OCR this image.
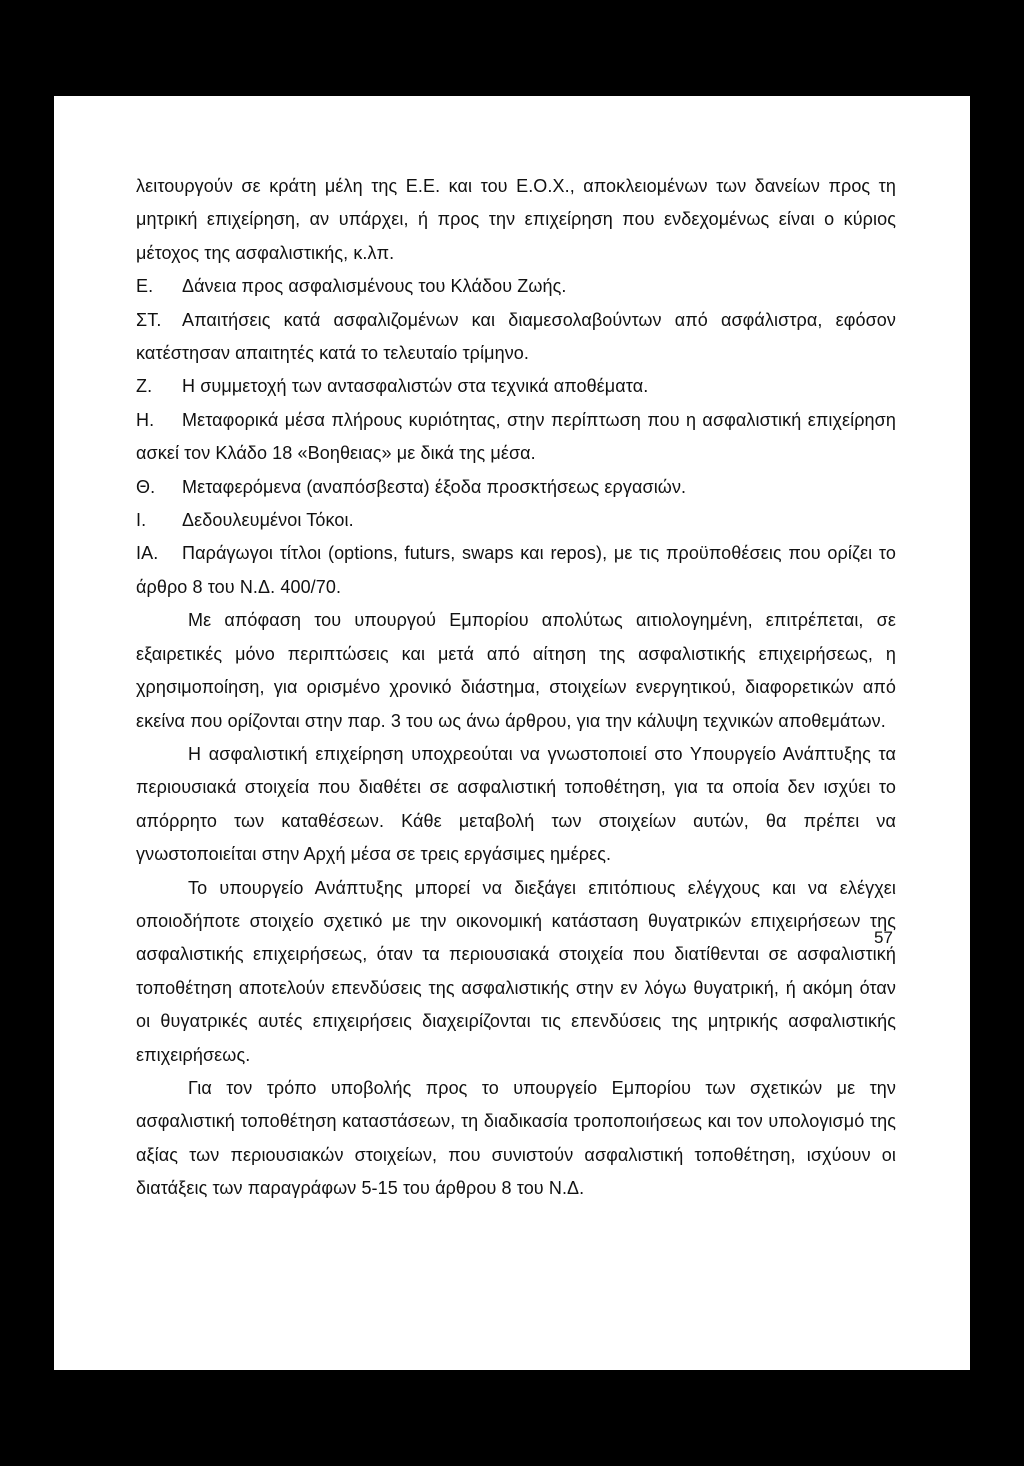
λειτουργούν σε κράτη μέλη της Ε.Ε. και του Ε.Ο.Χ., αποκλειομένων των δανείων προς τη μητρική επιχείρηση, αν υπάρχει, ή προς την επιχείρηση που ενδεχομένως είναι ο κύριος μέτοχος της ασφαλιστικής, κ.λπ.

Ε.	Δάνεια προς ασφαλισμένους του Κλάδου Ζωής.

ΣΤ. Απαιτήσεις κατά ασφαλιζομένων και διαμεσολαβούντων από ασφάλιστρα, εφόσον κατέστησαν απαιτητές κατά το τελευταίο τρίμηνο.

Ζ.	Η συμμετοχή των αντασφαλιστών στα τεχνικά αποθέματα.

Η. Μεταφορικά μέσα πλήρους κυριότητας, στην περίπτωση που η ασφαλιστική επιχείρηση ασκεί τον Κλάδο 18 «Βοηθειας» με δικά της μέσα.

Θ.	Μεταφερόμενα (αναπόσβεστα) έξοδα προσκτήσεως εργασιών.
Ι.	Δεδουλευμένοι Τόκοι.

ΙΑ. Παράγωγοι τίτλοι (options, futurs, swaps και repos), με τις προϋποθέσεις που ορίζει το άρθρο 8 του Ν.Δ. 400/70.

Με απόφαση του υπουργού Εμπορίου απολύτως αιτιολογημένη, επιτρέπεται, σε εξαιρετικές μόνο περιπτώσεις και μετά από αίτηση της ασφαλιστικής επιχειρήσεως, η χρησιμοποίηση, για ορισμένο χρονικό διάστημα, στοιχείων ενεργητικού, διαφορετικών από εκείνα που ορίζονται στην παρ. 3 του ως άνω άρθρου, για την κάλυψη τεχνικών αποθεμάτων.

Η ασφαλιστική επιχείρηση υποχρεούται να γνωστοποιεί στο Υπουργείο Ανάπτυξης τα περιουσιακά στοιχεία που διαθέτει σε ασφαλιστική τοποθέτηση, για τα οποία δεν ισχύει το απόρρητο των καταθέσεων. Κάθε μεταβολή των στοιχείων αυτών, θα πρέπει να γνωστοποιείται στην Αρχή μέσα σε τρεις εργάσιμες ημέρες.

Το υπουργείο Ανάπτυξης μπορεί να διεξάγει επιτόπιους ελέγχους και να ελέγχει οποιοδήποτε στοιχείο σχετικό με την οικονομική κατάσταση θυγατρικών επιχειρήσεων της ασφαλιστικής επιχειρήσεως, όταν τα περιουσιακά στοιχεία που διατίθενται σε ασφαλιστική τοποθέτηση αποτελούν επενδύσεις της ασφαλιστικής στην εν λόγω θυγατρική, ή ακόμη όταν οι θυγατρικές αυτές επιχειρήσεις διαχειρίζονται τις επενδύσεις της μητρικής ασφαλιστικής επιχειρήσεως.

Για τον τρόπο υποβολής προς το υπουργείο Εμπορίου των σχετικών με την ασφαλιστική τοποθέτηση καταστάσεων, τη διαδικασία τροποποιήσεως και τον υπολογισμό της αξίας των περιουσιακών στοιχείων, που συνιστούν ασφαλιστική τοποθέτηση, ισχύουν οι διατάξεις των παραγράφων 5-15 του άρθρου 8 του Ν.Δ.

57
